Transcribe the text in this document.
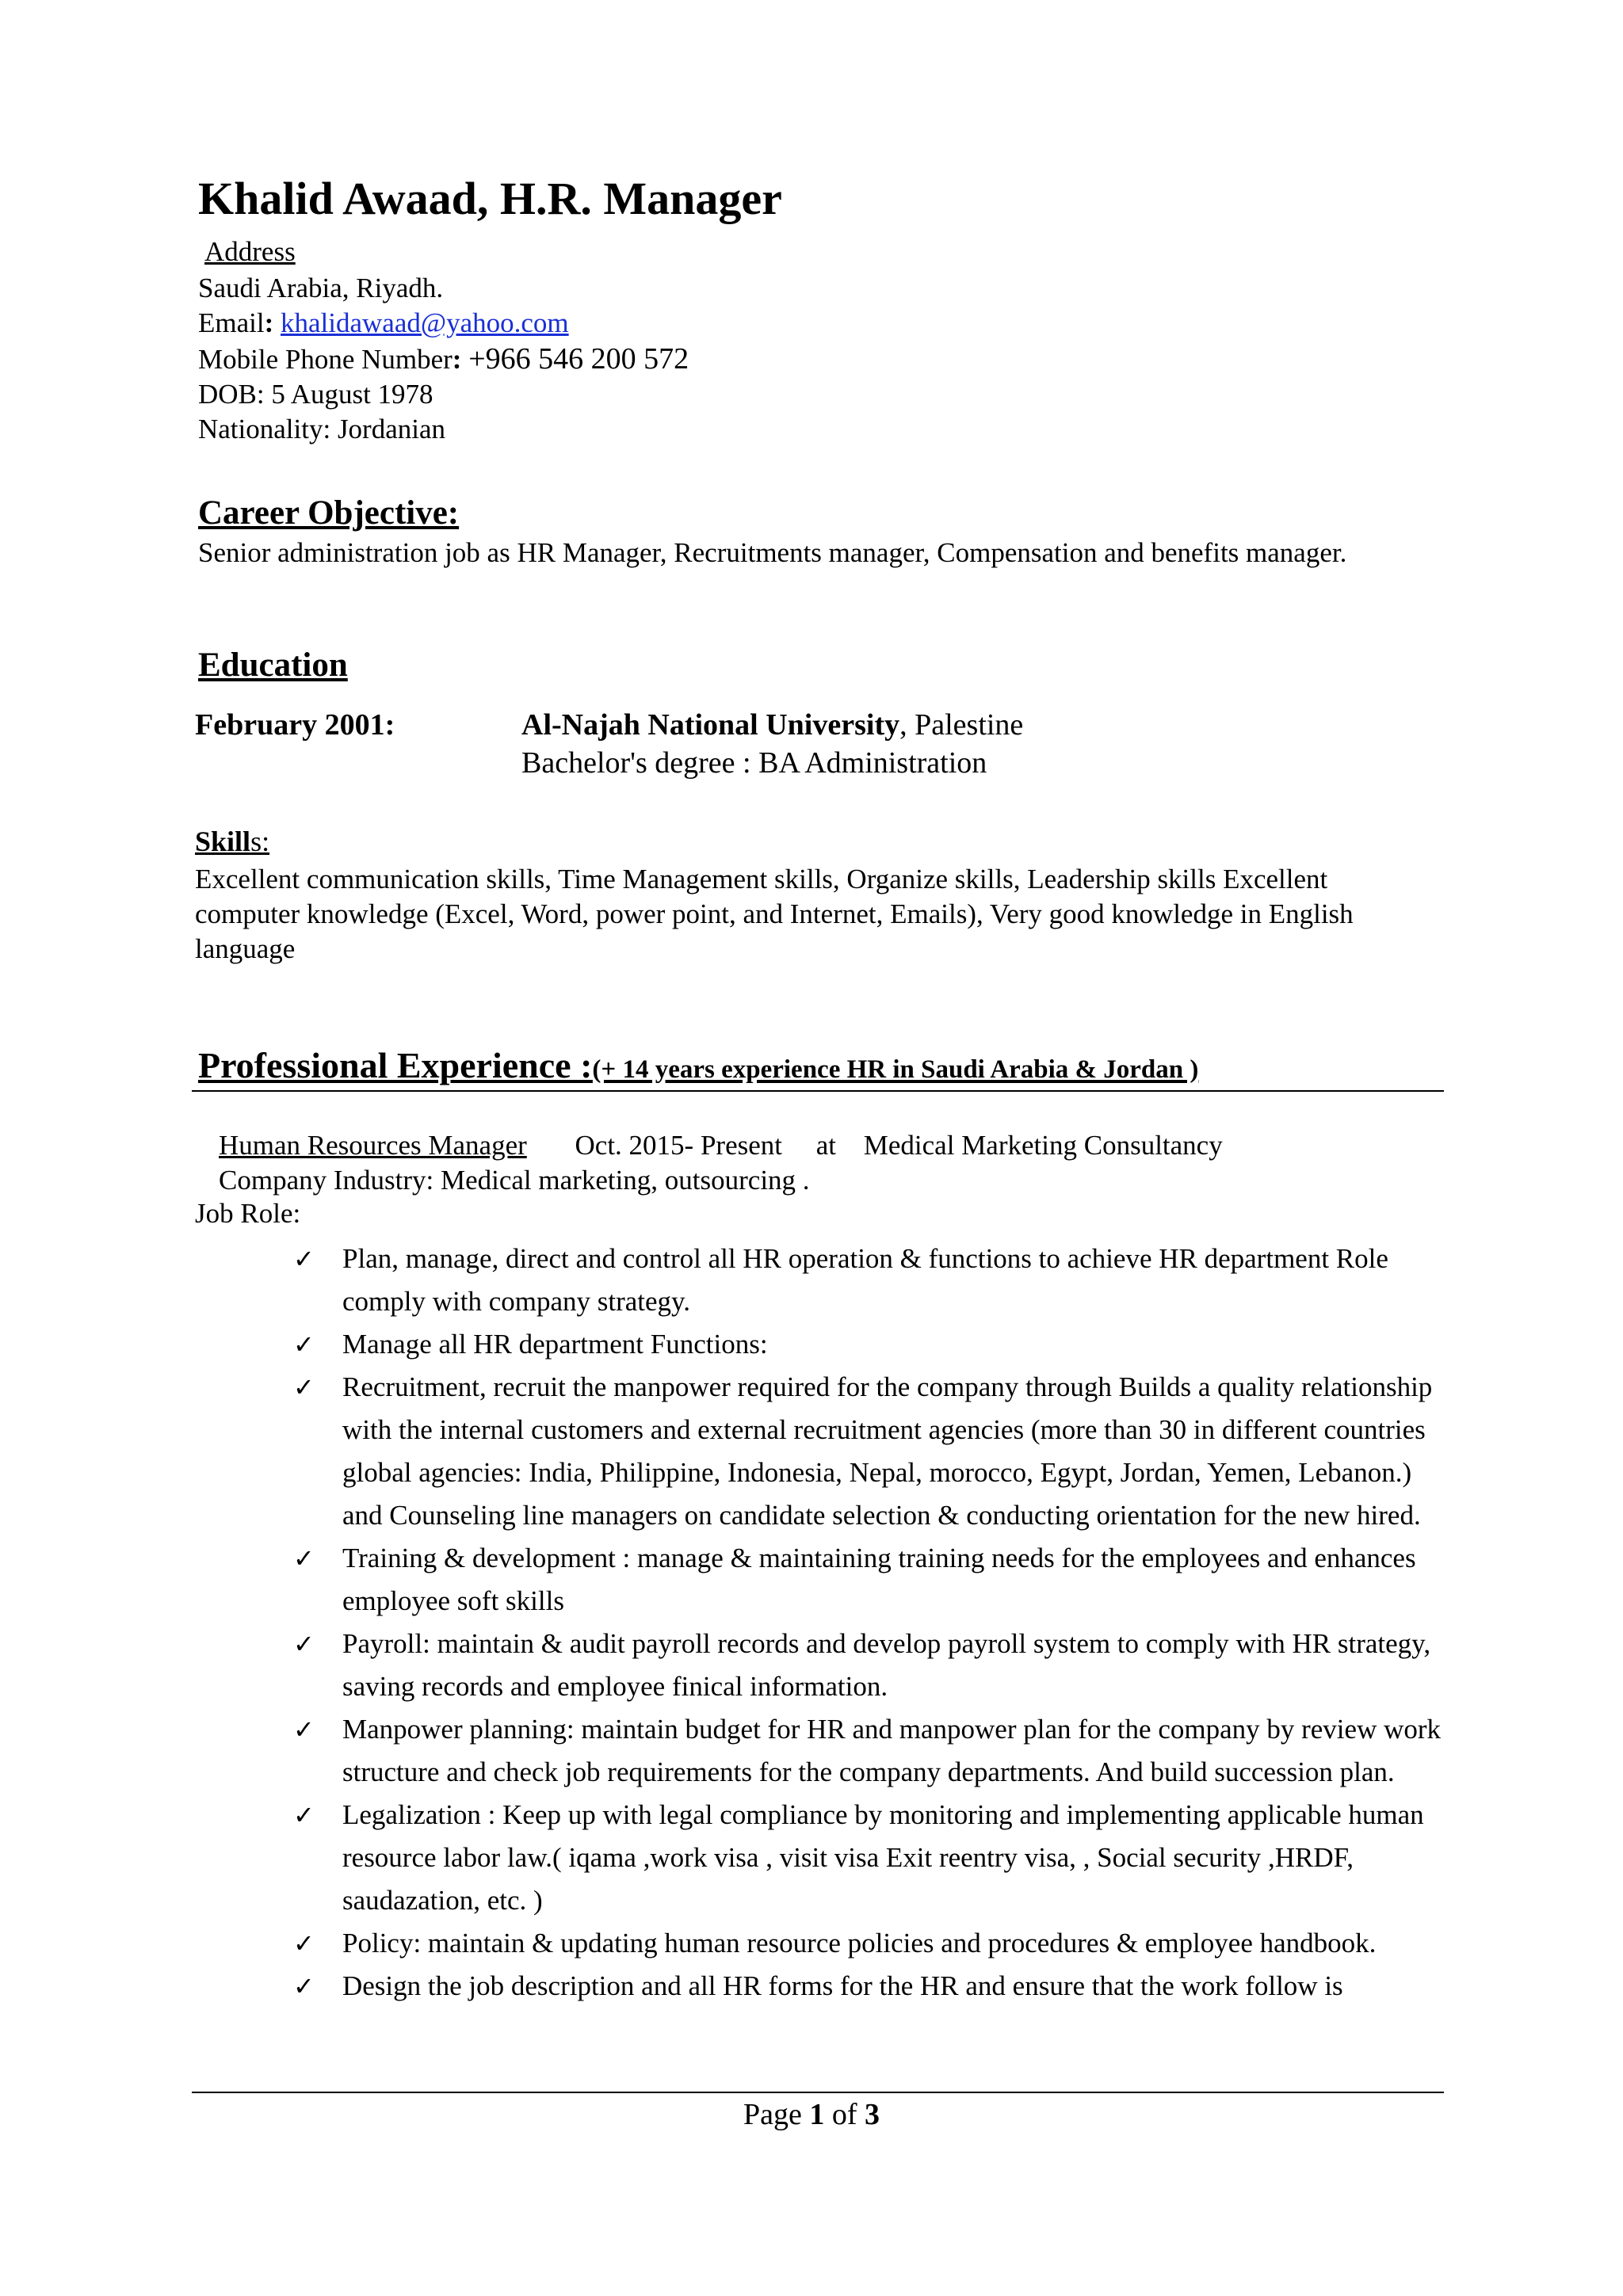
Khalid Awaad, H.R. Manager
Address
Saudi Arabia, Riyadh.
Email: khalidawaad@yahoo.com
Mobile Phone Number: +966 546 200 572
DOB: 5 August 1978
Nationality: Jordanian
Career Objective:
Senior administration job as HR Manager, Recruitments manager, Compensation and benefits manager.
Education
February 2001:	Al-Najah National University, Palestine
Bachelor's degree : BA Administration
Skills:
Excellent communication skills, Time Management skills, Organize skills, Leadership skills Excellent computer knowledge (Excel, Word, power point, and Internet, Emails), Very good knowledge in English language
Professional Experience :(+ 14 years experience HR in Saudi Arabia & Jordan )
Human Resources Manager Oct. 2015- Present at Medical Marketing Consultancy
Company Industry: Medical marketing, outsourcing .
Job Role:
✓ Plan, manage, direct and control all HR operation & functions to achieve HR department Role comply with company strategy.
✓ Manage all HR department Functions:
✓ Recruitment, recruit the manpower required for the company through Builds a quality relationship with the internal customers and external recruitment agencies (more than 30 in different countries global agencies: India, Philippine, Indonesia, Nepal, morocco, Egypt, Jordan, Yemen, Lebanon.) and Counseling line managers on candidate selection & conducting orientation for the new hired.
✓ Training & development : manage & maintaining training needs for the employees and enhances employee soft skills
✓ Payroll: maintain & audit payroll records and develop payroll system to comply with HR strategy, saving records and employee finical information.
✓ Manpower planning: maintain budget for HR and manpower plan for the company by review work structure and check job requirements for the company departments. And build succession plan.
✓ Legalization : Keep up with legal compliance by monitoring and implementing applicable human resource labor law.( iqama ,work visa , visit visa Exit reentry visa, , Social security ,HRDF, saudazation, etc. )
✓ Policy: maintain & updating human resource policies and procedures & employee handbook.
✓ Design the job description and all HR forms for the HR and ensure that the work follow is
Page 1 of 3
